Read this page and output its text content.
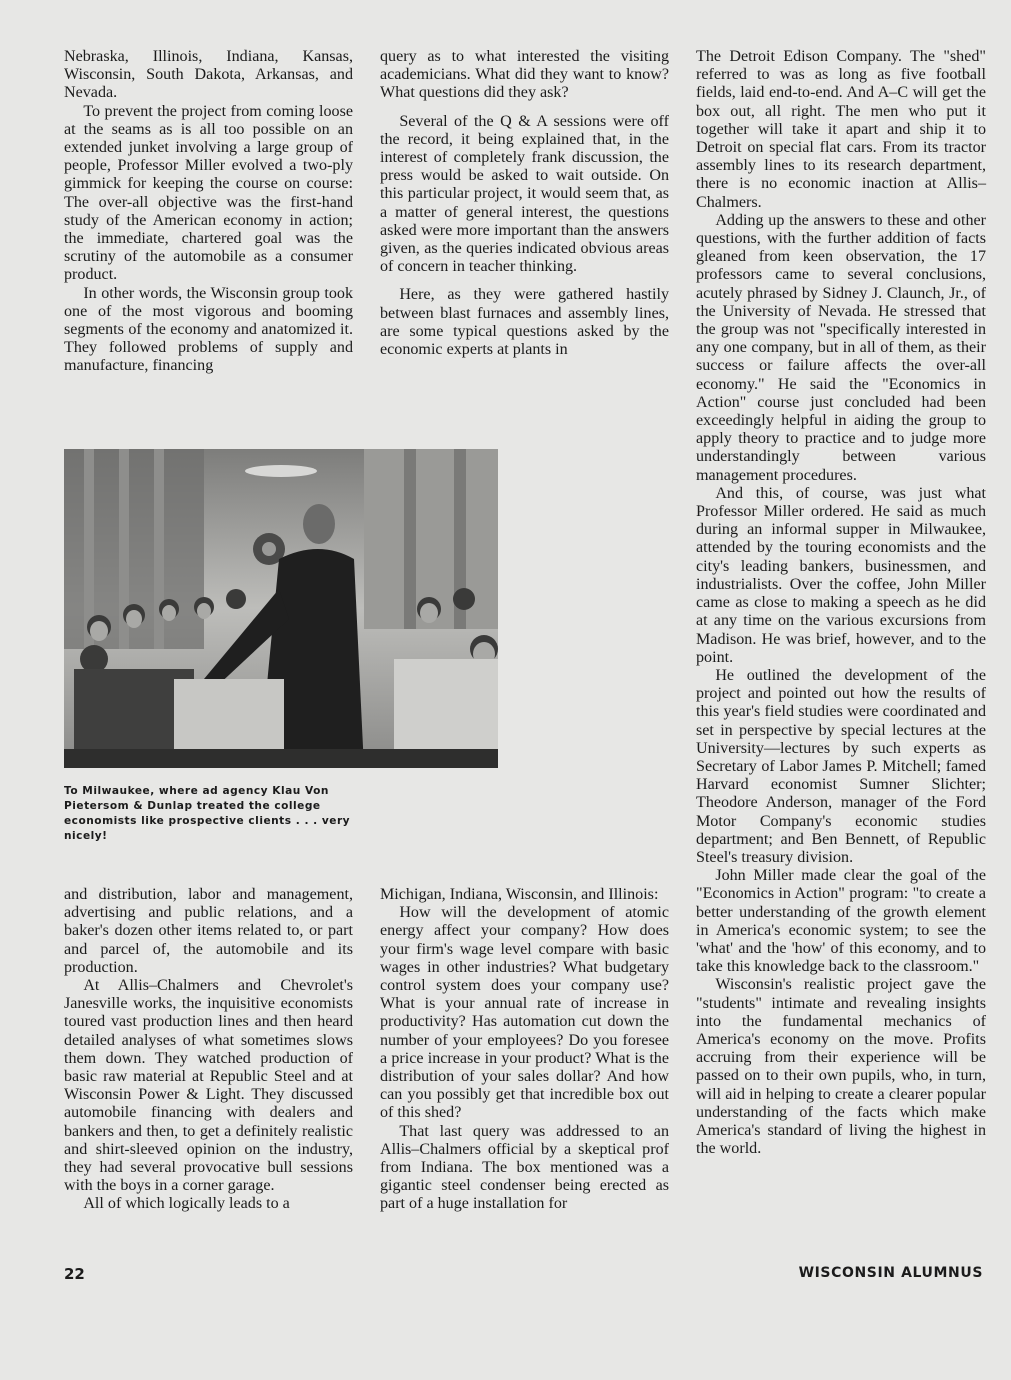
Nebraska, Illinois, Indiana, Kansas, Wisconsin, South Dakota, Arkansas, and Nevada.

To prevent the project from coming loose at the seams as is all too possible on an extended junket involving a large group of people, Professor Miller evolved a two-ply gimmick for keeping the course on course: The over-all objective was the first-hand study of the American economy in action; the immediate, chartered goal was the scrutiny of the automobile as a consumer product.

In other words, the Wisconsin group took one of the most vigorous and booming segments of the economy and anatomized it. They followed problems of supply and manufacture, financing

query as to what interested the visiting academicians. What did they want to know? What questions did they ask?

Several of the Q & A sessions were off the record, it being explained that, in the interest of completely frank discussion, the press would be asked to wait outside. On this particular project, it would seem that, as a matter of general interest, the questions asked were more important than the answers given, as the queries indicated obvious areas of concern in teacher thinking.

Here, as they were gathered hastily between blast furnaces and assembly lines, are some typical questions asked by the economic experts at plants in

The Detroit Edison Company. The "shed" referred to was as long as five football fields, laid end-to-end. And A–C will get the box out, all right. The men who put it together will take it apart and ship it to Detroit on special flat cars. From its tractor assembly lines to its research department, there is no economic inaction at Allis–Chalmers.

Adding up the answers to these and other questions, with the further addition of facts gleaned from keen observation, the 17 professors came to several conclusions, acutely phrased by Sidney J. Claunch, Jr., of the University of Nevada. He stressed that the group was not "specifically interested in any one company, but in all of them, as their success or failure affects the over-all economy." He said the "Economics in Action" course just concluded had been exceedingly helpful in aiding the group to apply theory to practice and to judge more understandingly between various management procedures.

And this, of course, was just what Professor Miller ordered. He said as much during an informal supper in Milwaukee, attended by the touring economists and the city's leading bankers, businessmen, and industrialists. Over the coffee, John Miller came as close to making a speech as he did at any time on the various excursions from Madison. He was brief, however, and to the point.

He outlined the development of the project and pointed out how the results of this year's field studies were coordinated and set in perspective by special lectures at the University—lectures by such experts as Secretary of Labor James P. Mitchell; famed Harvard economist Sumner Slichter; Theodore Anderson, manager of the Ford Motor Company's economic studies department; and Ben Bennett, of Republic Steel's treasury division.

John Miller made clear the goal of the "Economics in Action" program: "to create a better understanding of the growth element in America's economic system; to see the 'what' and the 'how' of this economy, and to take this knowledge back to the classroom."

Wisconsin's realistic project gave the "students" intimate and revealing insights into the fundamental mechanics of America's economy on the move. Profits accruing from their experience will be passed on to their own pupils, who, in turn, will aid in helping to create a clearer popular understanding of the facts which make America's standard of living the highest in the world.

To Milwaukee, where ad agency Klau Von Pietersom & Dunlap treated the college economists like prospective clients . . . very nicely!

and distribution, labor and management, advertising and public relations, and a baker's dozen other items related to, or part and parcel of, the automobile and its production.

At Allis–Chalmers and Chevrolet's Janesville works, the inquisitive economists toured vast production lines and then heard detailed analyses of what sometimes slows them down. They watched production of basic raw material at Republic Steel and at Wisconsin Power & Light. They discussed automobile financing with dealers and bankers and then, to get a definitely realistic and shirt-sleeved opinion on the industry, they had several provocative bull sessions with the boys in a corner garage.

All of which logically leads to a

Michigan, Indiana, Wisconsin, and Illinois:

How will the development of atomic energy affect your company? How does your firm's wage level compare with basic wages in other industries? What budgetary control system does your company use? What is your annual rate of increase in productivity? Has automation cut down the number of your employees? Do you foresee a price increase in your product? What is the distribution of your sales dollar? And how can you possibly get that incredible box out of this shed?

That last query was addressed to an Allis–Chalmers official by a skeptical prof from Indiana. The box mentioned was a gigantic steel condenser being erected as part of a huge installation for

22	WISCONSIN ALUMNUS
